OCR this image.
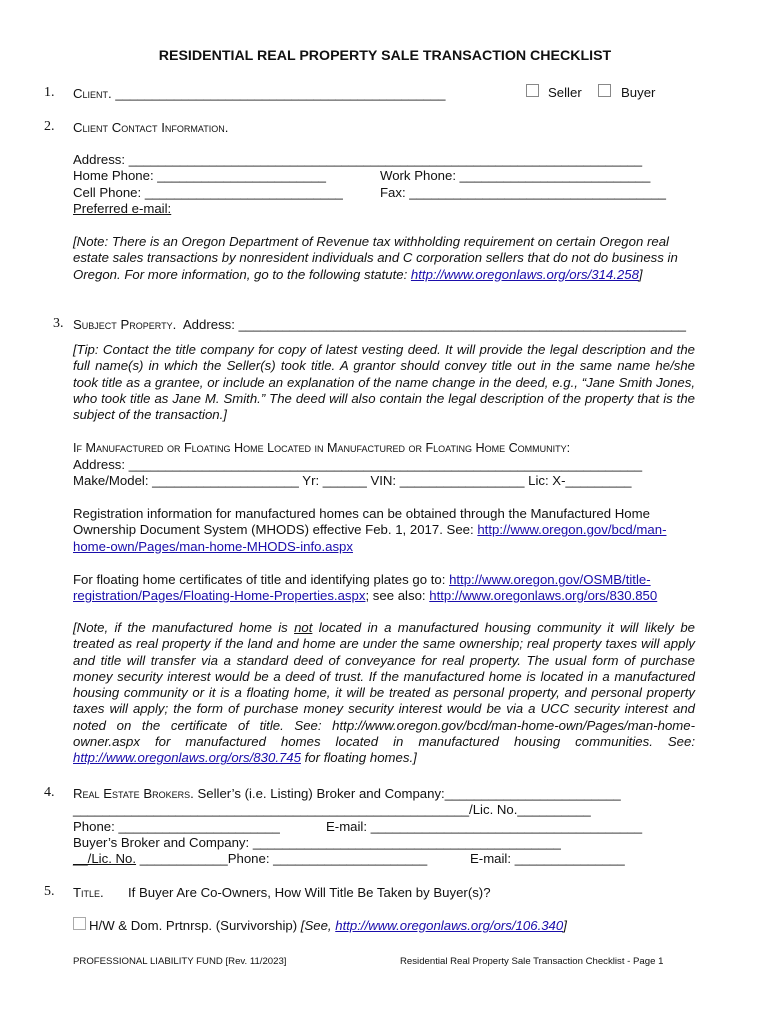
RESIDENTIAL REAL PROPERTY SALE TRANSACTION CHECKLIST
1. Client. _____________________________________________	Seller	Buyer
2. Client Contact Information.
Address: ______________________________________________________________________
Home Phone: _______________________	Work Phone: __________________________
Cell Phone: ___________________________	Fax: ___________________________________
Preferred e-mail:
[Note: There is an Oregon Department of Revenue tax withholding requirement on certain Oregon real estate sales transactions by nonresident individuals and C corporation sellers that do not do business in Oregon. For more information, go to the following statute: http://www.oregonlaws.org/ors/314.258]
3. Subject Property. Address: _____________________________________________________________
[Tip: Contact the title company for copy of latest vesting deed. It will provide the legal description and the full name(s) in which the Seller(s) took title. A grantor should convey title out in the same name he/she took title as a grantee, or include an explanation of the name change in the deed, e.g., “Jane Smith Jones, who took title as Jane M. Smith.” The deed will also contain the legal description of the property that is the subject of the transaction.]
If Manufactured or Floating Home Located in Manufactured or Floating Home Community:
Address: ______________________________________________________________________
Make/Model: ____________________ Yr: ______ VIN: _________________ Lic: X-_________
Registration information for manufactured homes can be obtained through the Manufactured Home Ownership Document System (MHODS) effective Feb. 1, 2017. See: http://www.oregon.gov/bcd/man-home-own/Pages/man-home-MHODS-info.aspx
For floating home certificates of title and identifying plates go to: http://www.oregon.gov/OSMB/title-registration/Pages/Floating-Home-Properties.aspx; see also: http://www.oregonlaws.org/ors/830.850
[Note, if the manufactured home is not located in a manufactured housing community it will likely be treated as real property if the land and home are under the same ownership; real property taxes will apply and title will transfer via a standard deed of conveyance for real property. The usual form of purchase money security interest would be a deed of trust. If the manufactured home is located in a manufactured housing community or it is a floating home, it will be treated as personal property, and personal property taxes will apply; the form of purchase money security interest would be via a UCC security interest and noted on the certificate of title. See: http://www.oregon.gov/bcd/man-home-own/Pages/man-home-owner.aspx for manufactured homes located in manufactured housing communities. See: http://www.oregonlaws.org/ors/830.745 for floating homes.]
4. Real Estate Brokers. Seller’s (i.e. Listing) Broker and Company:________________________
______________________________________________________/Lic. No.__________
Phone: ______________________	E-mail: _____________________________________
Buyer’s Broker and Company: __________________________________________
__/Lic. No. ____________Phone: _____________________	E-mail: _______________
5. Title. If Buyer Are Co-Owners, How Will Title Be Taken by Buyer(s)?
H/W & Dom. Prtnrsp. (Survivorship) [See, http://www.oregonlaws.org/ors/106.340]
PROFESSIONAL LIABILITY FUND [Rev. 11/2023]	Residential Real Property Sale Transaction Checklist - Page 1
